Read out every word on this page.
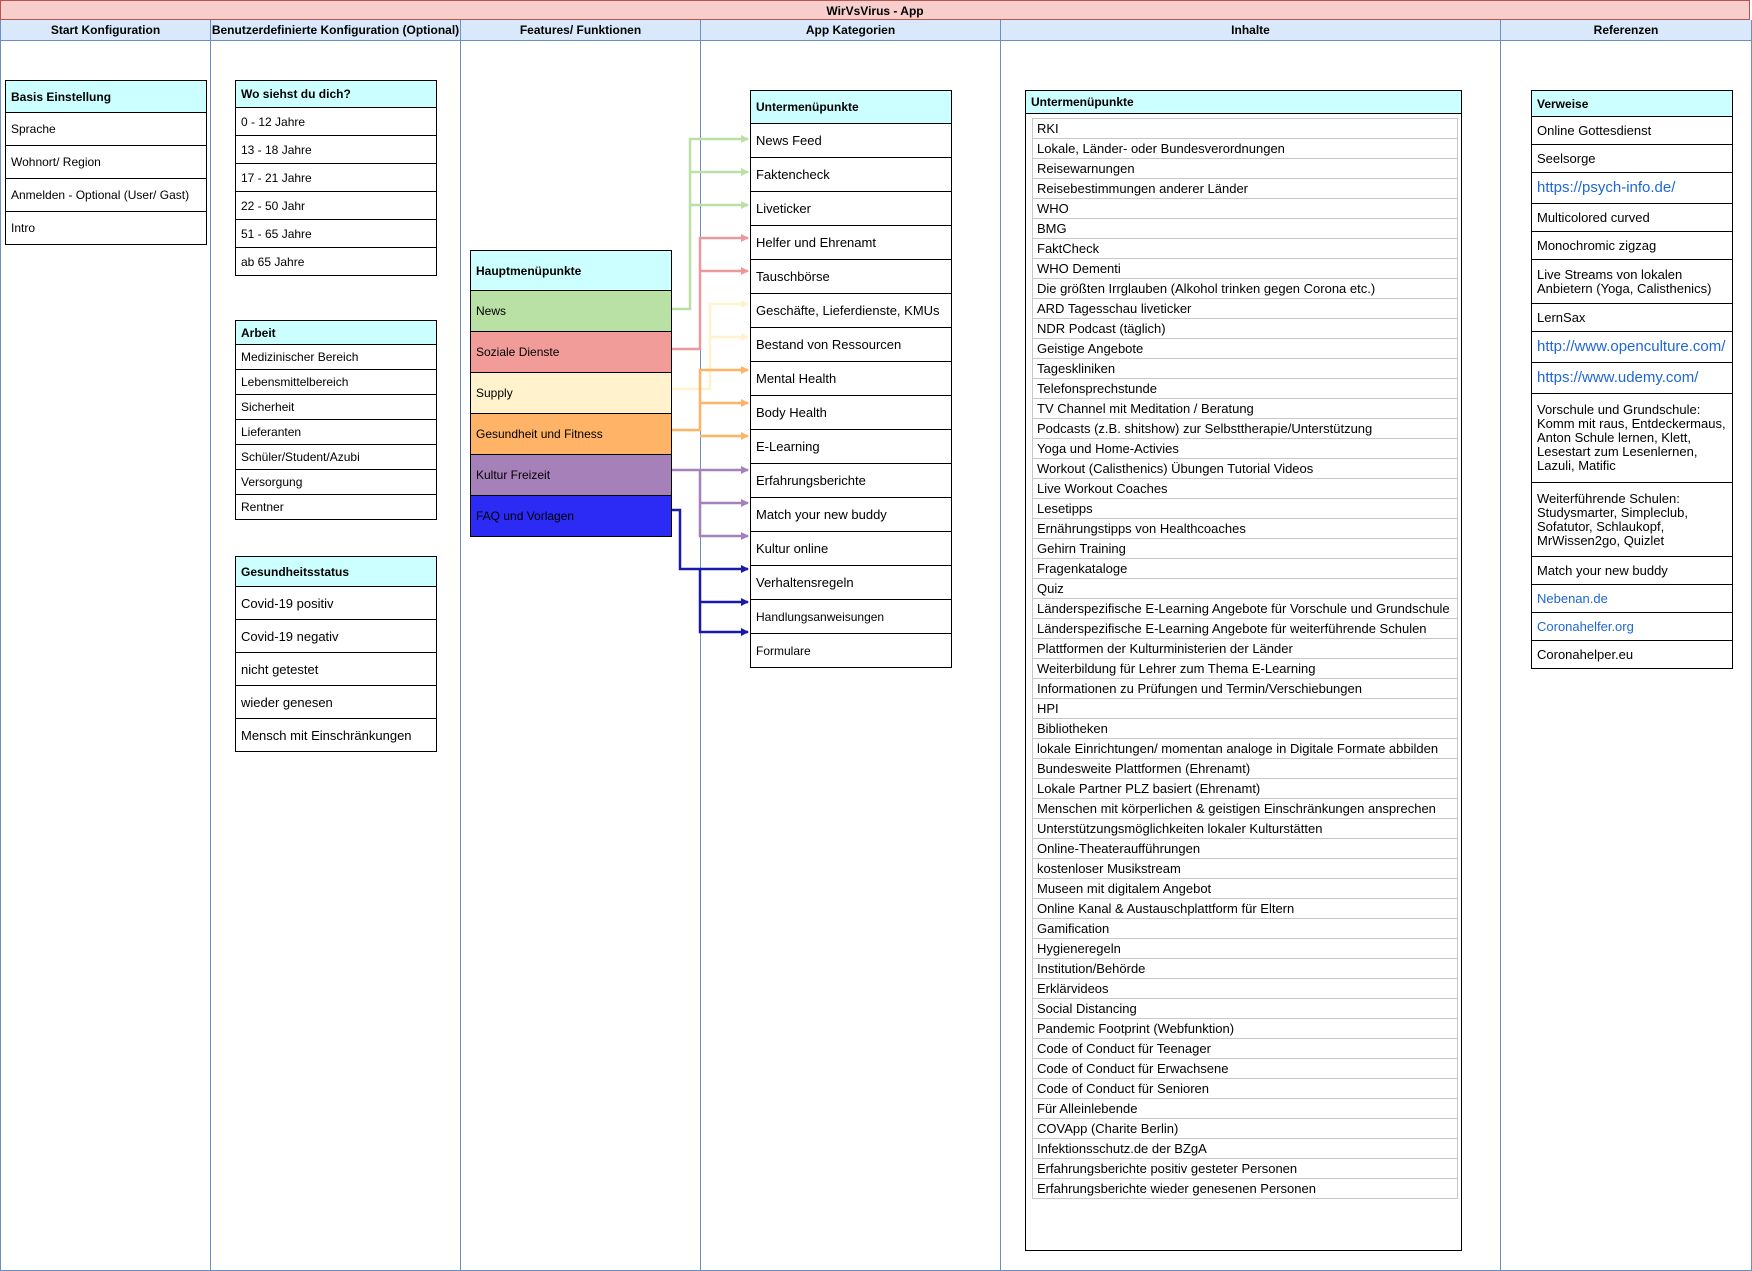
WirVsVirus - App
Start Konfiguration	Benutzerdefinierte Konfiguration (Optional)	Features/ Funktionen	App Kategorien	Inhalte	Referenzen
Basis Einstellung
Sprache
Wohnort/ Region
Anmelden - Optional (User/ Gast)
Intro
Wo siehst du dich?
0 - 12 Jahre
13 - 18 Jahre
17 - 21 Jahre
22 - 50 Jahr
51 - 65 Jahre
ab 65 Jahre
Arbeit
Medizinischer Bereich
Lebensmittelbereich
Sicherheit
Lieferanten
Schüler/Student/Azubi
Versorgung
Rentner
Gesundheitsstatus
Covid-19 positiv
Covid-19 negativ
nicht getestet
wieder genesen
Mensch mit Einschränkungen
Hauptmenüpunkte
News
Soziale Dienste
Supply
Gesundheit und Fitness
Kultur Freizeit
FAQ und Vorlagen
Untermenüpunkte
News Feed
Faktencheck
Liveticker
Helfer und Ehrenamt
Tauschbörse
Geschäfte, Lieferdienste, KMUs
Bestand von Ressourcen
Mental Health
Body Health
E-Learning
Erfahrungsberichte
Match your new buddy
Kultur online
Verhaltensregeln
Handlungsanweisungen
Formulare
Untermenüpunkte
RKI
Lokale, Länder- oder Bundesverordnungen
Reisewarnungen
Reisebestimmungen anderer Länder
WHO
BMG
FaktCheck
WHO Dementi
Die größten Irrglauben (Alkohol trinken gegen Corona etc.)
ARD Tagesschau liveticker
NDR Podcast (täglich)
Geistige Angebote
Tageskliniken
Telefonsprechstunde
TV Channel mit Meditation / Beratung
Podcasts (z.B. shitshow) zur Selbsttherapie/Unterstützung
Yoga und Home-Activies
Workout (Calisthenics) Übungen Tutorial Videos
Live Workout Coaches
Lesetipps
Ernährungstipps von Healthcoaches
Gehirn Training
Fragenkataloge
Quiz
Länderspezifische E-Learning Angebote für Vorschule und Grundschule
Länderspezifische E-Learning Angebote für weiterführende Schulen
Plattformen der Kulturministerien der Länder
Weiterbildung für Lehrer zum Thema E-Learning
Informationen zu Prüfungen und Termin/Verschiebungen
HPI
Bibliotheken
lokale Einrichtungen/ momentan analoge in Digitale Formate abbilden
Bundesweite Plattformen (Ehrenamt)
Lokale Partner PLZ basiert (Ehrenamt)
Menschen mit körperlichen & geistigen Einschränkungen ansprechen
Unterstützungsmöglichkeiten lokaler Kulturstätten
Online-Theateraufführungen
kostenloser Musikstream
Museen mit digitalem Angebot
Online Kanal & Austauschplattform für Eltern
Gamification
Hygieneregeln
Institution/Behörde
Erklärvideos
Social Distancing
Pandemic Footprint (Webfunktion)
Code of Conduct für Teenager
Code of Conduct für Erwachsene
Code of Conduct für Senioren
Für Alleinlebende
COVApp (Charite Berlin)
Infektionsschutz.de der BZgA
Erfahrungsberichte positiv gesteter Personen
Erfahrungsberichte wieder genesenen Personen
Verweise
Online Gottesdienst
Seelsorge
https://psych-info.de/
Multicolored curved
Monochromic zigzag
Live Streams von lokalen Anbietern (Yoga, Calisthenics)
LernSax
http://www.openculture.com/
https://www.udemy.com/
Vorschule und Grundschule: Komm mit raus, Entdeckermaus, Anton Schule lernen, Klett, Lesestart zum Lesenlernen, Lazuli, Matific
Weiterführende Schulen: Studysmarter, Simpleclub, Sofatutor, Schlaukopf, MrWissen2go, Quizlet
Match your new buddy
Nebenan.de
Coronahelfer.org
Coronahelper.eu
